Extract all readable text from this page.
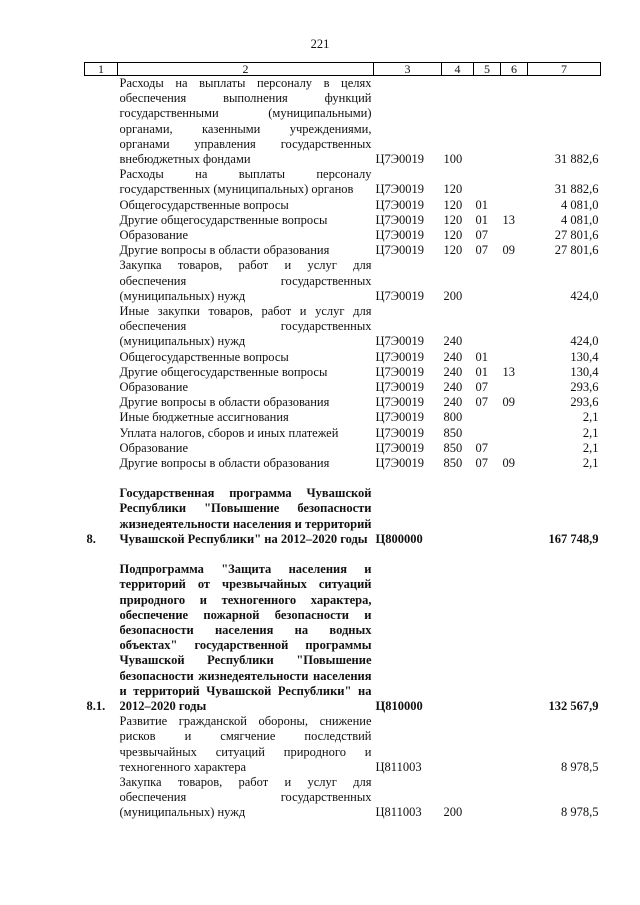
221
1	2	3	4	5	6	7
	Расходы на выплаты персоналу в целях обеспечения выполнения функций государственными (муниципальными) органами, казенными учреждениями, органами управления государственных внебюджетных фондами	Ц7Э0019	100			31 882,6
	Расходы на выплаты персоналу государственных (муниципальных) органов	Ц7Э0019	120			31 882,6
	Общегосударственные вопросы	Ц7Э0019	120	01		4 081,0
	Другие общегосударственные вопросы	Ц7Э0019	120	01	13	4 081,0
	Образование	Ц7Э0019	120	07		27 801,6
	Другие вопросы в области образования	Ц7Э0019	120	07	09	27 801,6
	Закупка товаров, работ и услуг для обеспечения государственных (муниципальных) нужд	Ц7Э0019	200			424,0
	Иные закупки товаров, работ и услуг для обеспечения государственных (муниципальных) нужд	Ц7Э0019	240			424,0
	Общегосударственные вопросы	Ц7Э0019	240	01		130,4
	Другие общегосударственные вопросы	Ц7Э0019	240	01	13	130,4
	Образование	Ц7Э0019	240	07		293,6
	Другие вопросы в области образования	Ц7Э0019	240	07	09	293,6
	Иные бюджетные ассигнования	Ц7Э0019	800			2,1
	Уплата налогов, сборов и иных платежей	Ц7Э0019	850			2,1
	Образование	Ц7Э0019	850	07		2,1
	Другие вопросы в области образования	Ц7Э0019	850	07	09	2,1

8.	Государственная программа Чувашской Республики "Повышение безопасности жизнедеятельности населения и территорий Чувашской Республики" на 2012–2020 годы	Ц800000				167 748,9

8.1.	Подпрограмма "Защита населения и территорий от чрезвычайных ситуаций природного и техногенного характера, обеспечение пожарной безопасности и безопасности населения на водных объектах" государственной программы Чувашской Республики "Повышение безопасности жизнедеятельности населения и территорий Чувашской Республики" на 2012–2020 годы	Ц810000				132 567,9
	Развитие гражданской обороны, снижение рисков и смягчение последствий чрезвычайных ситуаций природного и техногенного характера	Ц811003				8 978,5
	Закупка товаров, работ и услуг для обеспечения государственных (муниципальных) нужд	Ц811003	200			8 978,5
